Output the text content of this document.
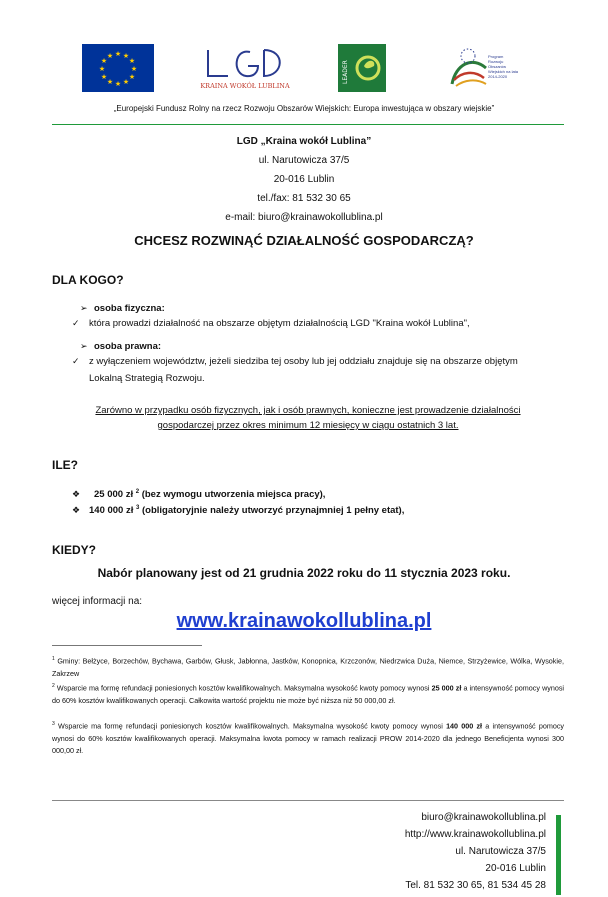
★ ★
★
★
★
★
★
★
★
★
★
★
KRAINA WOKÓŁ LUBLINA
LEADER
Program Rozwoju Obszarów Wiejskich na lata 2014-2020
„Europejski Fundusz Rolny na rzecz Rozwoju Obszarów Wiejskich: Europa inwestująca w obszary wiejskie”
LGD „Kraina wokół Lublina”
ul. Narutowicza 37/5
20-016 Lublin
tel./fax: 81 532 30 65
e-mail: biuro@krainawokollublina.pl
CHCESZ ROZWINĄĆ DZIAŁALNOŚĆ GOSPODARCZĄ?
DLA KOGO?
➢ osoba fizyczna:
✓ która prowadzi działalność na obszarze objętym działalnością LGD "Kraina wokół Lublina",
➢ osoba prawna:
✓ z wyłączeniem województw, jeżeli siedziba tej osoby lub jej oddziału znajduje się na obszarze objętym
Lokalną Strategią Rozwoju.
Zarówno w przypadku osób fizycznych, jak i osób prawnych, konieczne jest prowadzenie działalności
gospodarczej przez okres minimum 12 miesięcy w ciągu ostatnich 3 lat.
ILE?
❖ 25 000 zł $^2$ (bez wymogu utworzenia miejsca pracy),
❖ 140 000 zł $^3$ (obligatoryjnie należy utworzyć przynajmniej 1 pełny etat),
KIEDY?
Nabór planowany jest od 21 grudnia 2022 roku do 11 stycznia 2023 roku.
więcej informacji na:
www.krainawokollublina.pl
$^1$ Gminy: Bełżyce, Borzechów, Bychawa, Garbów, Głusk, Jabłonna, Jastków, Konopnica, Krzczonów, Niedrzwica Duża, Niemce, Strzyżewice, Wólka, Wysokie, Zakrzew
$^2$ Wsparcie ma formę refundacji poniesionych kosztów kwalifikowalnych. Maksymalna wysokość kwoty pomocy wynosi 25 000 zł a intensywność pomocy wynosi do 60% kosztów kwalifikowanych operacji. Całkowita wartość projektu nie może być niższa niż 50 000,00 zł.
$^3$ Wsparcie ma formę refundacji poniesionych kosztów kwalifikowalnych. Maksymalna wysokość kwoty pomocy wynosi 140 000 zł a intensywność pomocy wynosi do 60% kosztów kwalifikowanych operacji. Maksymalna kwota pomocy w ramach realizacji PROW 2014-2020 dla jednego Beneficjenta wynosi 300 000,00 zł.
biuro@krainawokollublina.pl
http://www.krainawokollublina.pl
ul. Narutowicza 37/5
20-016 Lublin
Tel. 81 532 30 65, 81 534 45 28
